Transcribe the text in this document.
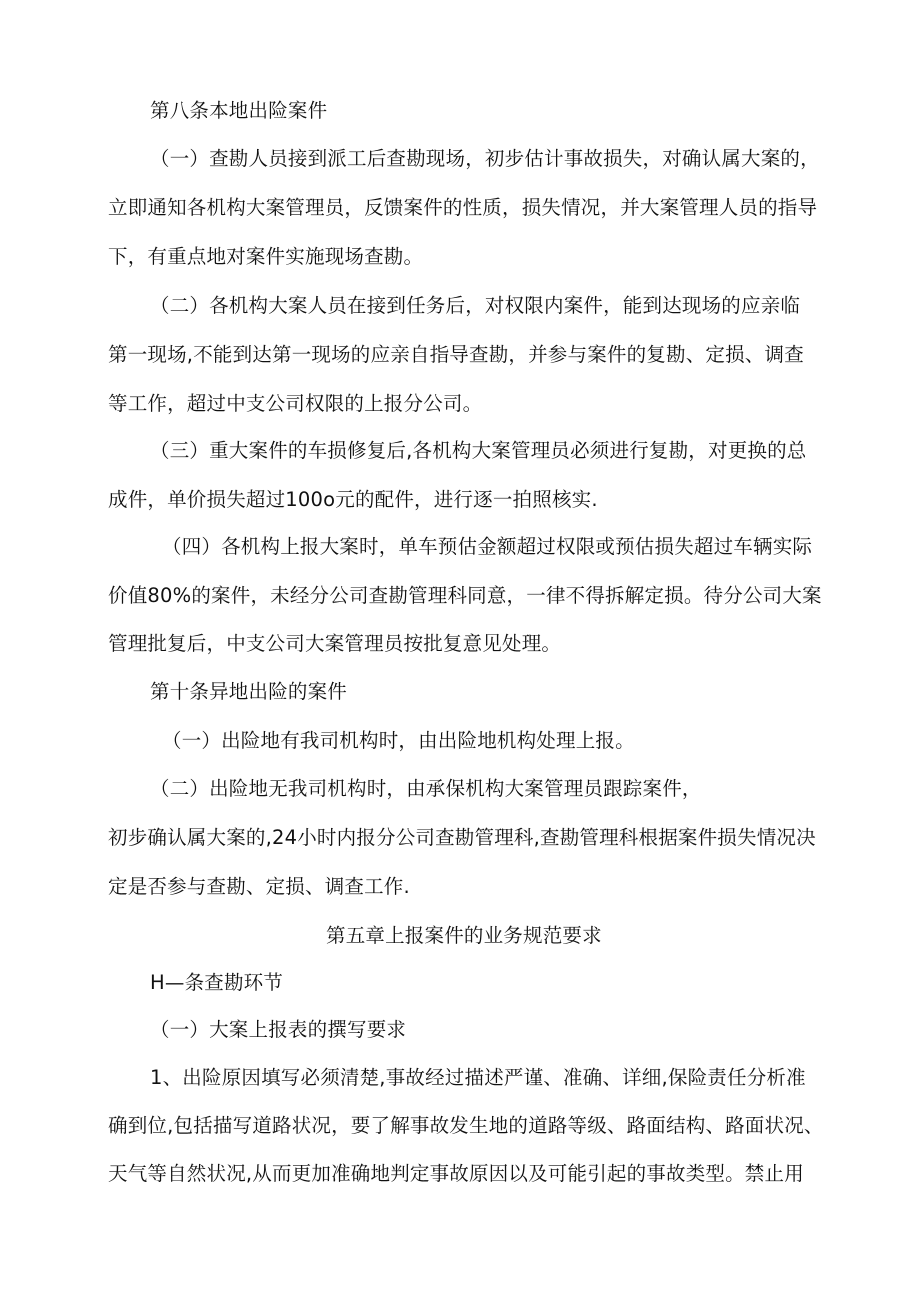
第八条本地出险案件
（一）查勘人员接到派工后查勘现场，初步估计事故损失，对确认属大案的，
立即通知各机构大案管理员，反馈案件的性质，损失情况，并大案管理人员的指导
下，有重点地对案件实施现场查勘。
（二）各机构大案人员在接到任务后，对权限内案件，能到达现场的应亲临
第一现场,不能到达第一现场的应亲自指导查勘，并参与案件的复勘、定损、调查
等工作，超过中支公司权限的上报分公司。
（三）重大案件的车损修复后,各机构大案管理员必须进行复勘，对更换的总
成件，单价损失超过100o元的配件，进行逐一拍照核实.
（四）各机构上报大案时，单车预估金额超过权限或预估损失超过车辆实际
价值80%的案件，未经分公司查勘管理科同意，一律不得拆解定损。待分公司大案
管理批复后，中支公司大案管理员按批复意见处理。
第十条异地出险的案件
（一）出险地有我司机构时，由出险地机构处理上报。
（二）出险地无我司机构时，由承保机构大案管理员跟踪案件，
初步确认属大案的,24小时内报分公司查勘管理科,查勘管理科根据案件损失情况决
定是否参与查勘、定损、调查工作.
第五章上报案件的业务规范要求
H—条查勘环节
（一）大案上报表的撰写要求
1、出险原因填写必须清楚,事故经过描述严谨、准确、详细,保险责任分析准
确到位,包括描写道路状况，要了解事故发生地的道路等级、路面结构、路面状况、
天气等自然状况,从而更加准确地判定事故原因以及可能引起的事故类型。禁止用
